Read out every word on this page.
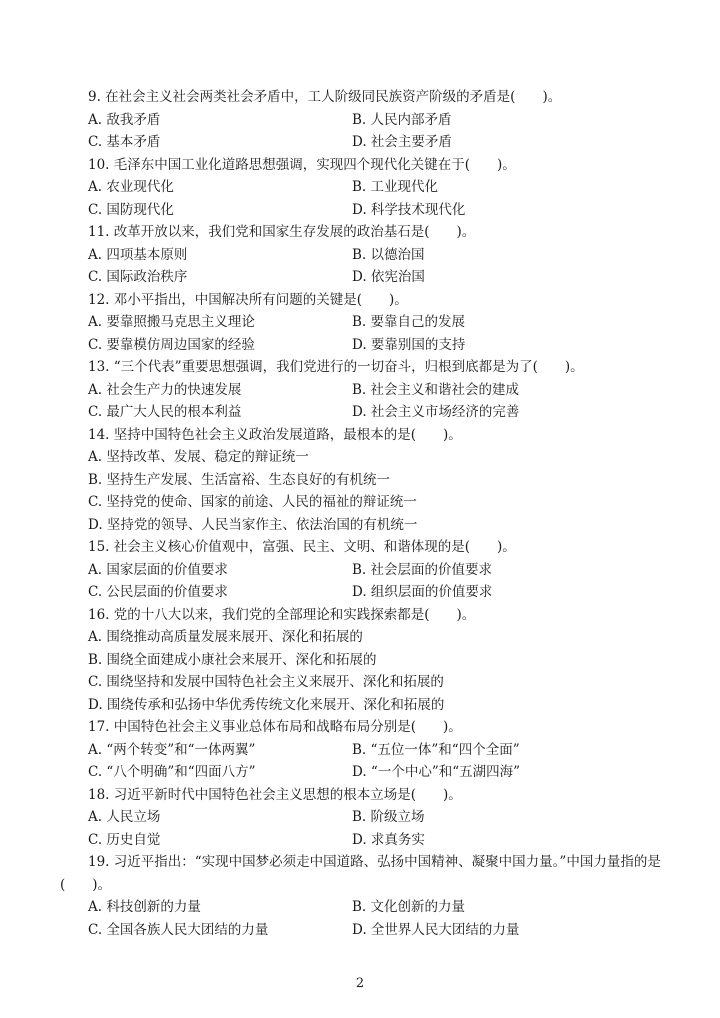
9. 在社会主义社会两类社会矛盾中，工人阶级同民族资产阶级的矛盾是(　　)。
A. 敌我矛盾	B. 人民内部矛盾
C. 基本矛盾	D. 社会主要矛盾
10. 毛泽东中国工业化道路思想强调，实现四个现代化关键在于(　　)。
A. 农业现代化	B. 工业现代化
C. 国防现代化	D. 科学技术现代化
11. 改革开放以来，我们党和国家生存发展的政治基石是(　　)。
A. 四项基本原则	B. 以德治国
C. 国际政治秩序	D. 依宪治国
12. 邓小平指出，中国解决所有问题的关键是(　　)。
A. 要靠照搬马克思主义理论	B. 要靠自己的发展
C. 要靠模仿周边国家的经验	D. 要靠别国的支持
13. “三个代表”重要思想强调，我们党进行的一切奋斗，归根到底都是为了(　　)。
A. 社会生产力的快速发展	B. 社会主义和谐社会的建成
C. 最广大人民的根本利益	D. 社会主义市场经济的完善
14. 坚持中国特色社会主义政治发展道路，最根本的是(　　)。
A. 坚持改革、发展、稳定的辩证统一
B. 坚持生产发展、生活富裕、生态良好的有机统一
C. 坚持党的使命、国家的前途、人民的福祉的辩证统一
D. 坚持党的领导、人民当家作主、依法治国的有机统一
15. 社会主义核心价值观中，富强、民主、文明、和谐体现的是(　　)。
A. 国家层面的价值要求	B. 社会层面的价值要求
C. 公民层面的价值要求	D. 组织层面的价值要求
16. 党的十八大以来，我们党的全部理论和实践探索都是(　　)。
A. 围绕推动高质量发展来展开、深化和拓展的
B. 围绕全面建成小康社会来展开、深化和拓展的
C. 围绕坚持和发展中国特色社会主义来展开、深化和拓展的
D. 围绕传承和弘扬中华优秀传统文化来展开、深化和拓展的
17. 中国特色社会主义事业总体布局和战略布局分别是(　　)。
A. “两个转变”和“一体两翼”	B. “五位一体”和“四个全面”
C. “八个明确”和“四面八方”	D. “一个中心”和“五湖四海”
18. 习近平新时代中国特色社会主义思想的根本立场是(　　)。
A. 人民立场	B. 阶级立场
C. 历史自觉	D. 求真务实
19. 习近平指出：“实现中国梦必须走中国道路、弘扬中国精神、凝聚中国力量。”中国力量指的是(　　)。
A. 科技创新的力量	B. 文化创新的力量
C. 全国各族人民大团结的力量	D. 全世界人民大团结的力量
2
